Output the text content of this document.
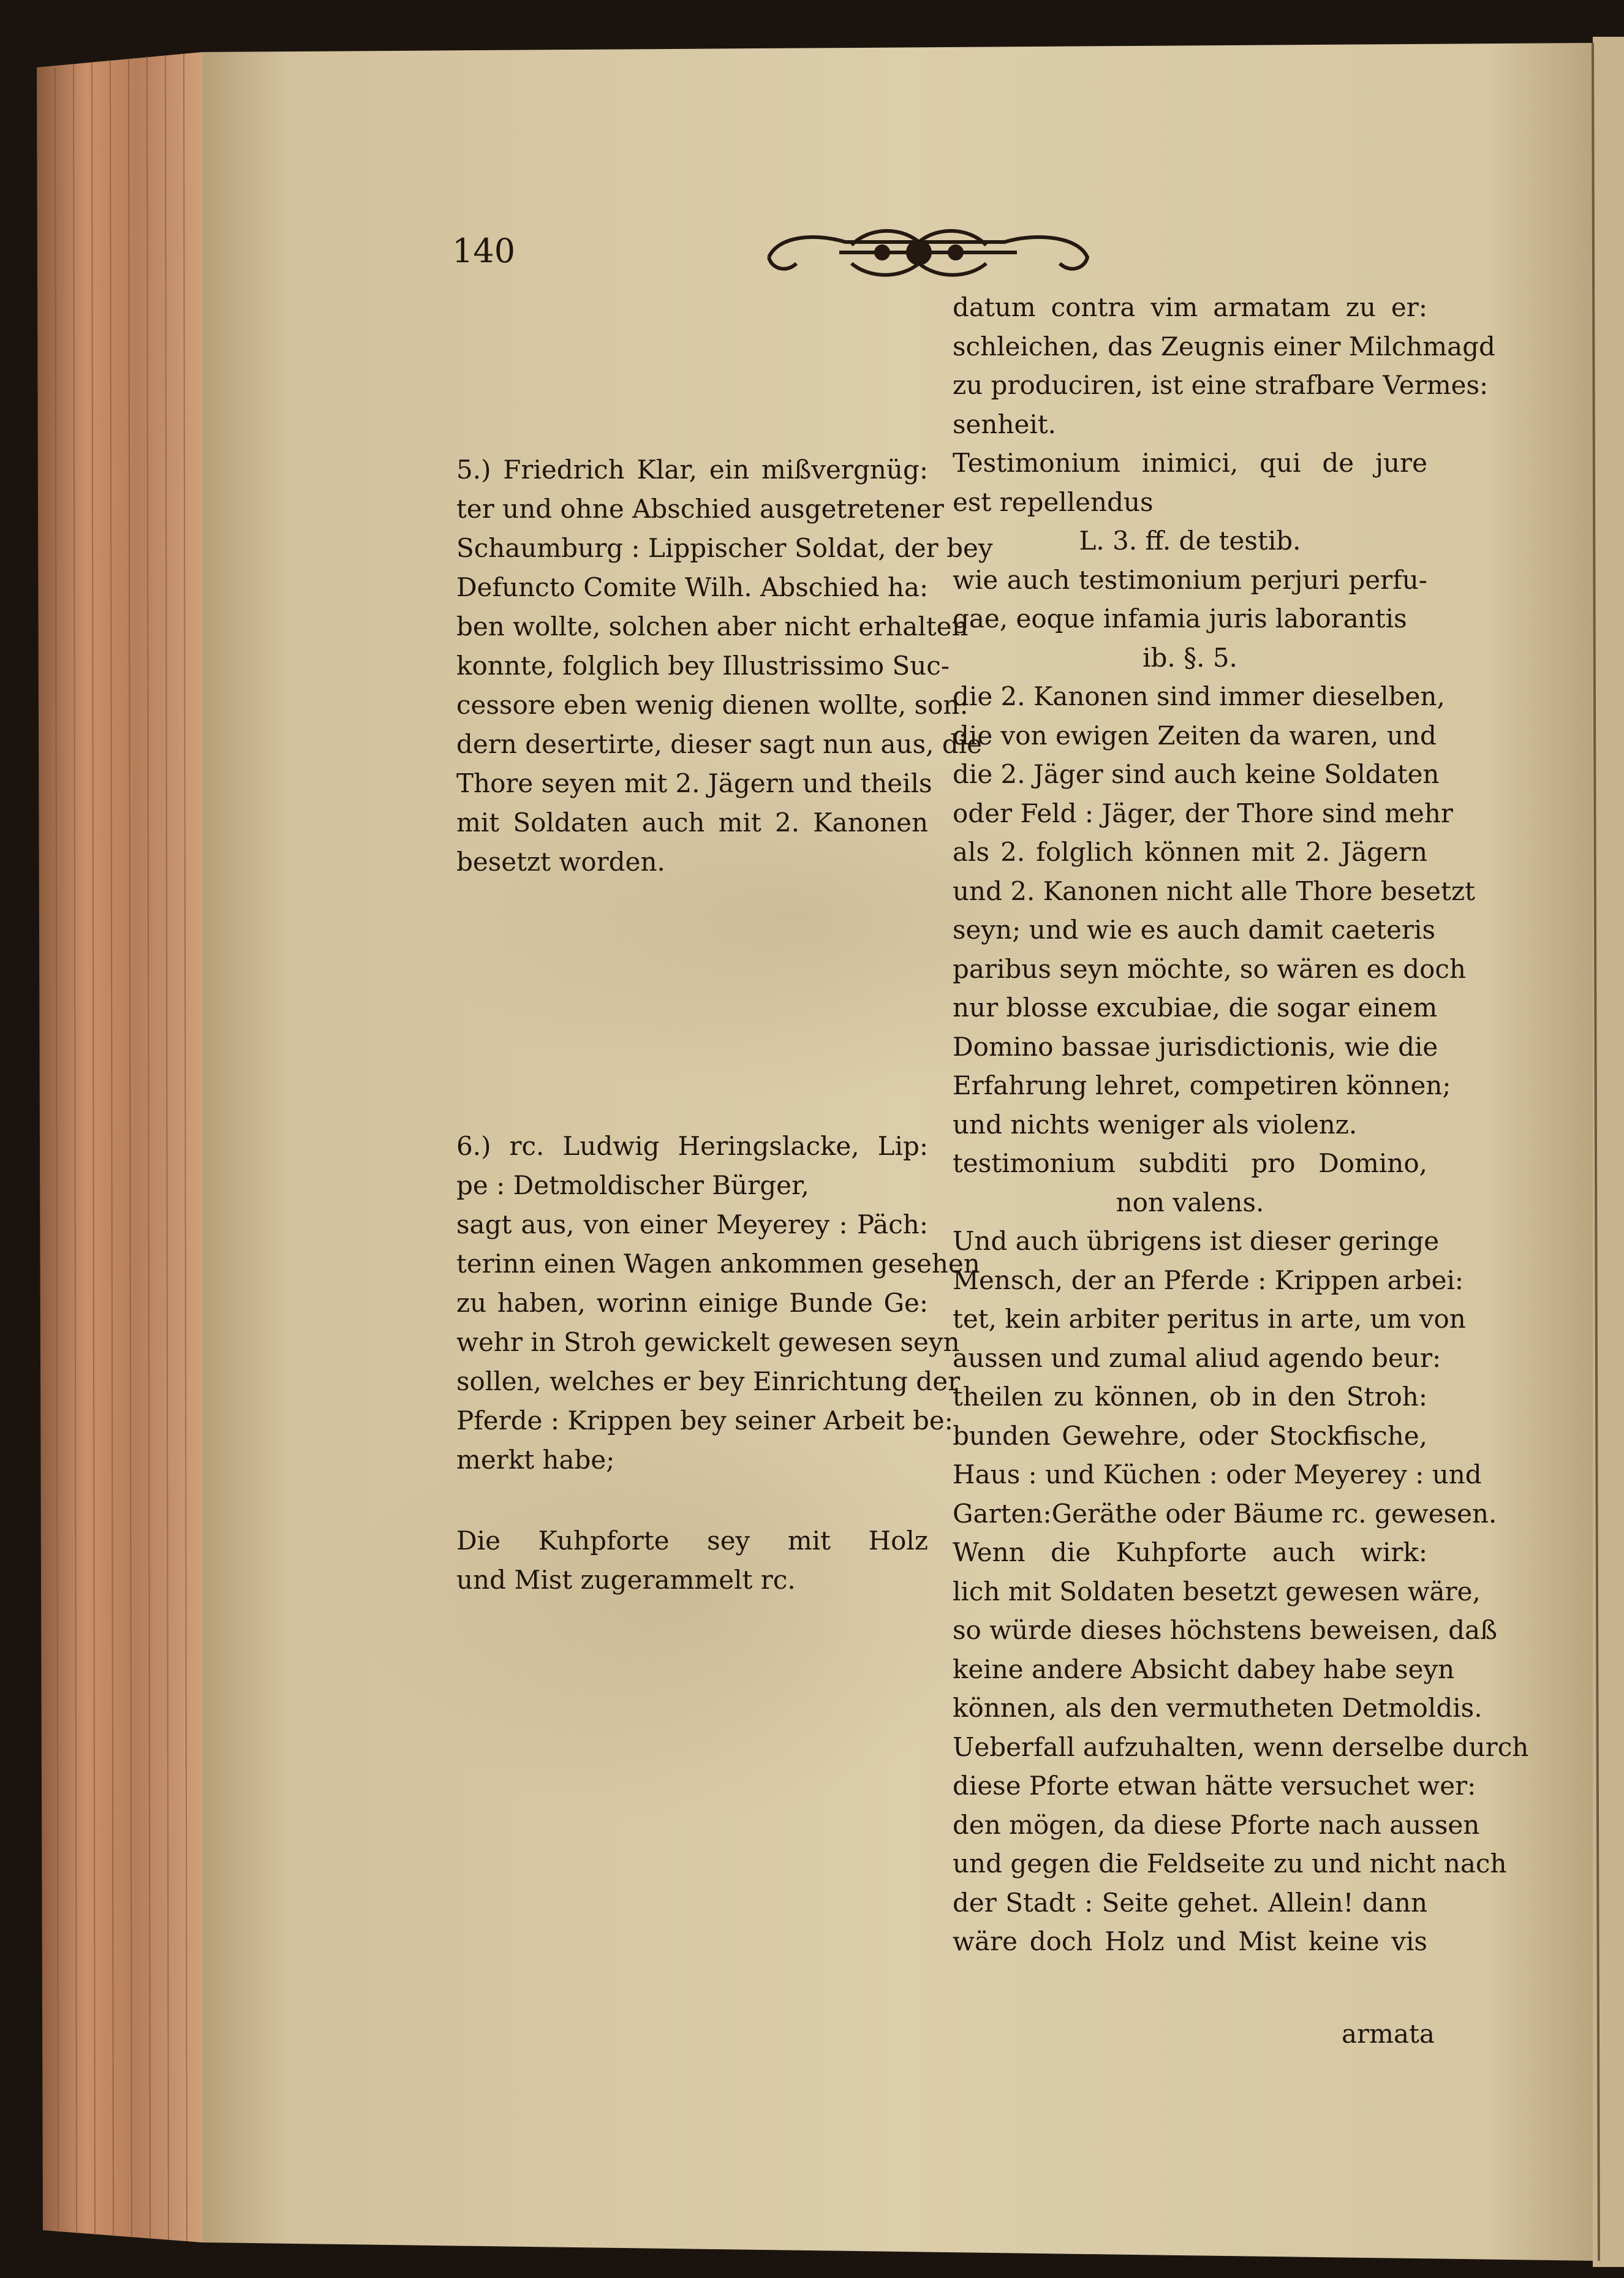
140
5.) Friedrich Klar, ein mißvergnüg:
ter und ohne Abschied ausgetretener
Schaumburg : Lippischer Soldat, der bey
Defuncto Comite Wilh. Abschied ha:
ben wollte, solchen aber nicht erhalten
konnte, folglich bey Illustrissimo Suc-
cessore eben wenig dienen wollte, son:
dern desertirte, dieser sagt nun aus, die
Thore seyen mit 2. Jägern und theils
mit Soldaten auch mit 2. Kanonen
besetzt worden.
6.) rc. Ludwig Heringslacke, Lip:
pe : Detmoldischer Bürger,
sagt aus, von einer Meyerey : Päch:
terinn einen Wagen ankommen gesehen
zu haben, worinn einige Bunde Ge:
wehr in Stroh gewickelt gewesen seyn
sollen, welches er bey Einrichtung der
Pferde : Krippen bey seiner Arbeit be:
merkt habe;
Die Kuhpforte sey mit Holz
und Mist zugerammelt rc.
datum contra vim armatam zu er:
schleichen, das Zeugnis einer Milchmagd
zu produciren, ist eine strafbare Vermes:
senheit.
Testimonium inimici, qui de jure
est repellendus
L. 3. ff. de testib.
wie auch testimonium perjuri perfu-
gae, eoque infamia juris laborantis
ib. §. 5.
die 2. Kanonen sind immer dieselben,
die von ewigen Zeiten da waren, und
die 2. Jäger sind auch keine Soldaten
oder Feld : Jäger, der Thore sind mehr
als 2. folglich können mit 2. Jägern
und 2. Kanonen nicht alle Thore besetzt
seyn; und wie es auch damit caeteris
paribus seyn möchte, so wären es doch
nur blosse excubiae, die sogar einem
Domino bassae jurisdictionis, wie die
Erfahrung lehret, competiren können;
und nichts weniger als violenz.
testimonium subditi pro Domino,
non valens.
Und auch übrigens ist dieser geringe
Mensch, der an Pferde : Krippen arbei:
tet, kein arbiter peritus in arte, um von
aussen und zumal aliud agendo beur:
theilen zu können, ob in den Stroh:
bunden Gewehre, oder Stockfische,
Haus : und Küchen : oder Meyerey : und
Garten:Geräthe oder Bäume rc. gewesen.
Wenn die Kuhpforte auch wirk:
lich mit Soldaten besetzt gewesen wäre,
so würde dieses höchstens beweisen, daß
keine andere Absicht dabey habe seyn
können, als den vermutheten Detmoldis.
Ueberfall aufzuhalten, wenn derselbe durch
diese Pforte etwan hätte versuchet wer:
den mögen, da diese Pforte nach aussen
und gegen die Feldseite zu und nicht nach
der Stadt : Seite gehet. Allein! dann
wäre doch Holz und Mist keine vis
armata
